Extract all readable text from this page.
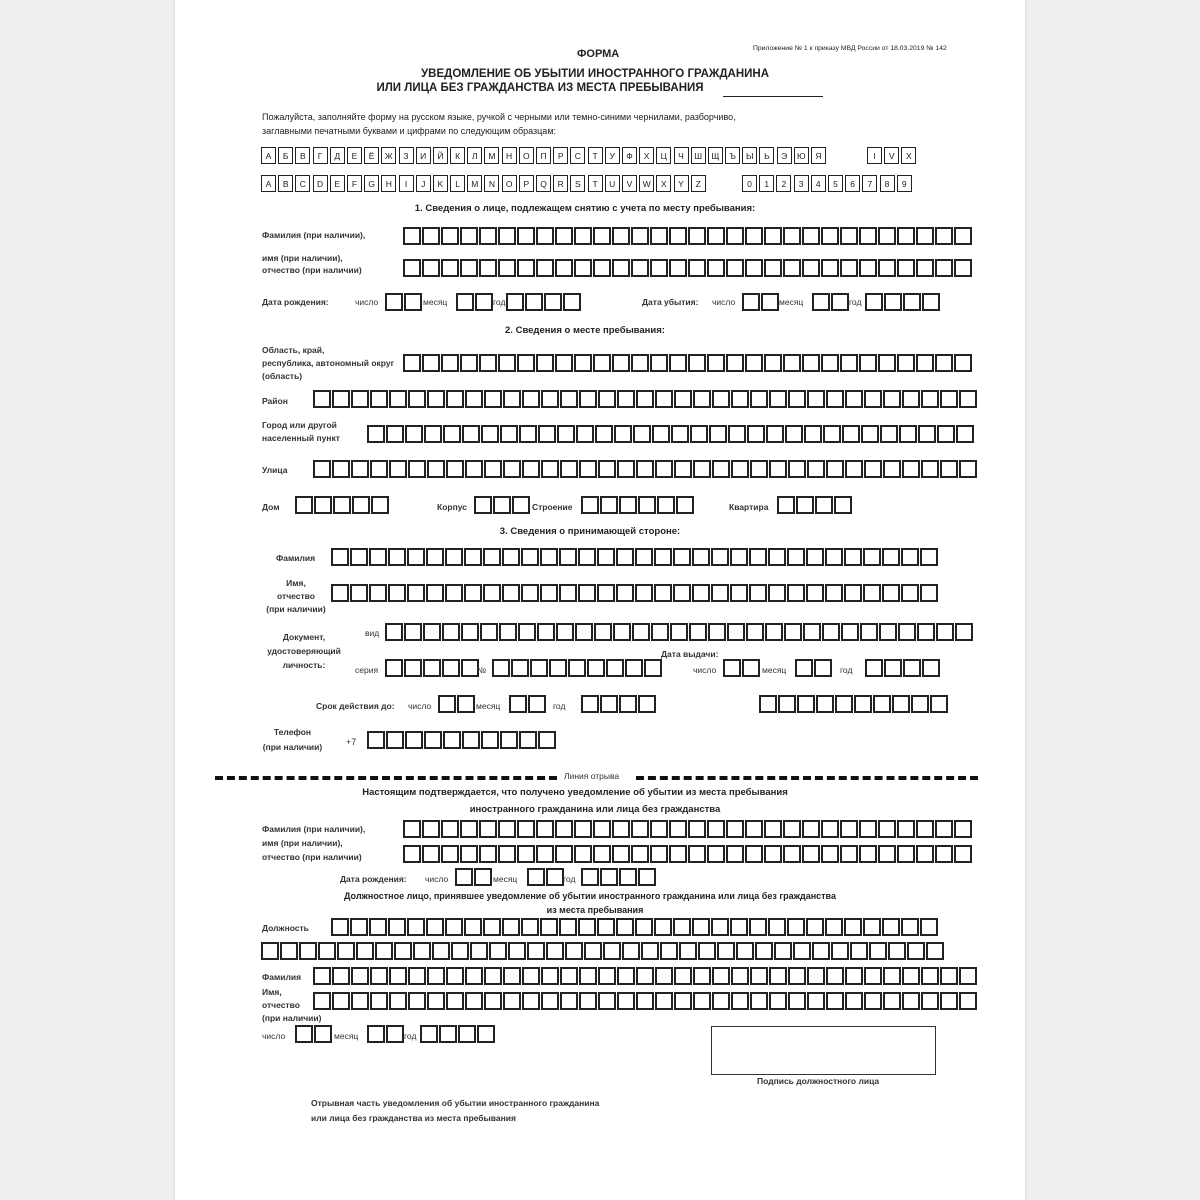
ФОРМА	Приложение № 1 к приказу МВД России от 18.03.2019 № 142
УВЕДОМЛЕНИЕ ОБ УБЫТИИ ИНОСТРАННОГО ГРАЖДАНИНА
ИЛИ ЛИЦА БЕЗ ГРАЖДАНСТВА ИЗ МЕСТА ПРЕБЫВАНИЯ
Пожалуйста, заполняйте форму на русском языке, ручкой с черными или темно-синими чернилами, разборчиво,
заглавными печатными буквами и цифрами по следующим образцам:
А	Б	В	Г	Д	Е	Ё	Ж	З	И	Й	К	Л	М	Н	О	П	Р	С	Т	У	Ф	Х	Ц	Ч	Ш	Щ	Ъ	Ы	Ь	Э	Ю	Я	I	V	X
A	B	C	D	E	F	G	H	I	J	K	L	M	N	O	P	Q	R	S	T	U	V	W	X	Y	Z	0	1	2	3	4	5	6	7	8	9
1. Сведения о лице, подлежащем снятию с учета по месту пребывания:
Фамилия (при наличии),
имя (при наличии),
отчество (при наличии)
Дата рождения:	число	месяц	год	Дата убытия: число	месяц	год
2. Сведения о месте пребывания:
Область, край,
республика, автономный округ
(область)
Район
Город или другой
населенный пункт
Улица
Дом	Корпус	Строение	Квартира
3. Сведения о принимающей стороне:
Фамилия
Имя,
отчество
(при наличии)
Документ,
удостоверяющий
личность:
вид
серия	№
Дата выдачи:
число	месяц	год
Срок действия до: число	месяц	год
Телефон
(при наличии)	+7
Линия отрыва
Настоящим подтверждается, что получено уведомление об убытии из места пребывания
иностранного гражданина или лица без гражданства
Фамилия (при наличии),
имя (при наличии),
отчество (при наличии)
Дата рождения: число	месяц	год
Должностное лицо, принявшее уведомление об убытии иностранного гражданина или лица без гражданства
из места пребывания
Должность
Фамилия
Имя,
отчество
(при наличии)
число	месяц	год
Подпись должностного лица
Отрывная часть уведомления об убытии иностранного гражданина
или лица без гражданства из места пребывания
